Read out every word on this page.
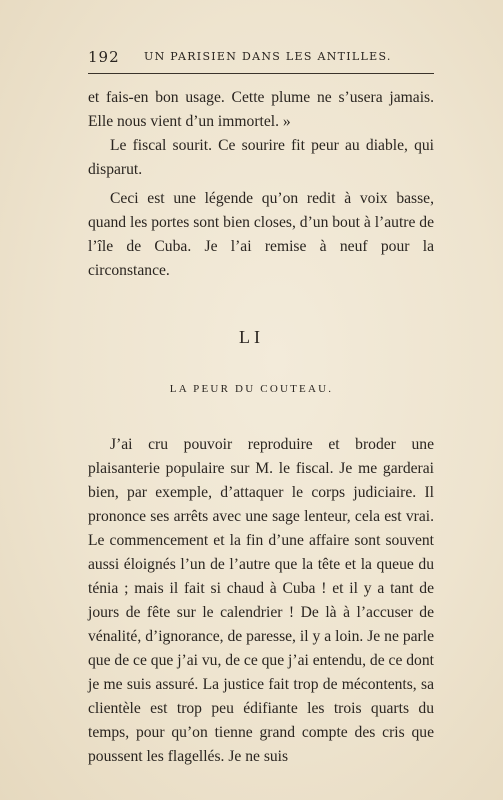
192 UN PARISIEN DANS LES ANTILLES.

et fais-en bon usage. Cette plume ne s’usera jamais. Elle nous vient d’un immortel. »

Le fiscal sourit. Ce sourire fit peur au diable, qui disparut.

Ceci est une légende qu’on redit à voix basse, quand les portes sont bien closes, d’un bout à l’autre de l’île de Cuba. Je l’ai remise à neuf pour la circonstance.

LI
LA PEUR DU COUTEAU.

J’ai cru pouvoir reproduire et broder une plaisanterie populaire sur M. le fiscal. Je me garderai bien, par exemple, d’attaquer le corps judiciaire. Il prononce ses arrêts avec une sage lenteur, cela est vrai. Le commencement et la fin d’une affaire sont souvent aussi éloignés l’un de l’autre que la tête et la queue du ténia ; mais il fait si chaud à Cuba ! et il y a tant de jours de fête sur le calendrier ! De là à l’accuser de vénalité, d’ignorance, de paresse, il y a loin. Je ne parle que de ce que j’ai vu, de ce que j’ai entendu, de ce dont je me suis assuré. La justice fait trop de mécontents, sa clientèle est trop peu édifiante les trois quarts du temps, pour qu’on tienne grand compte des cris que poussent les flagellés. Je ne suis
